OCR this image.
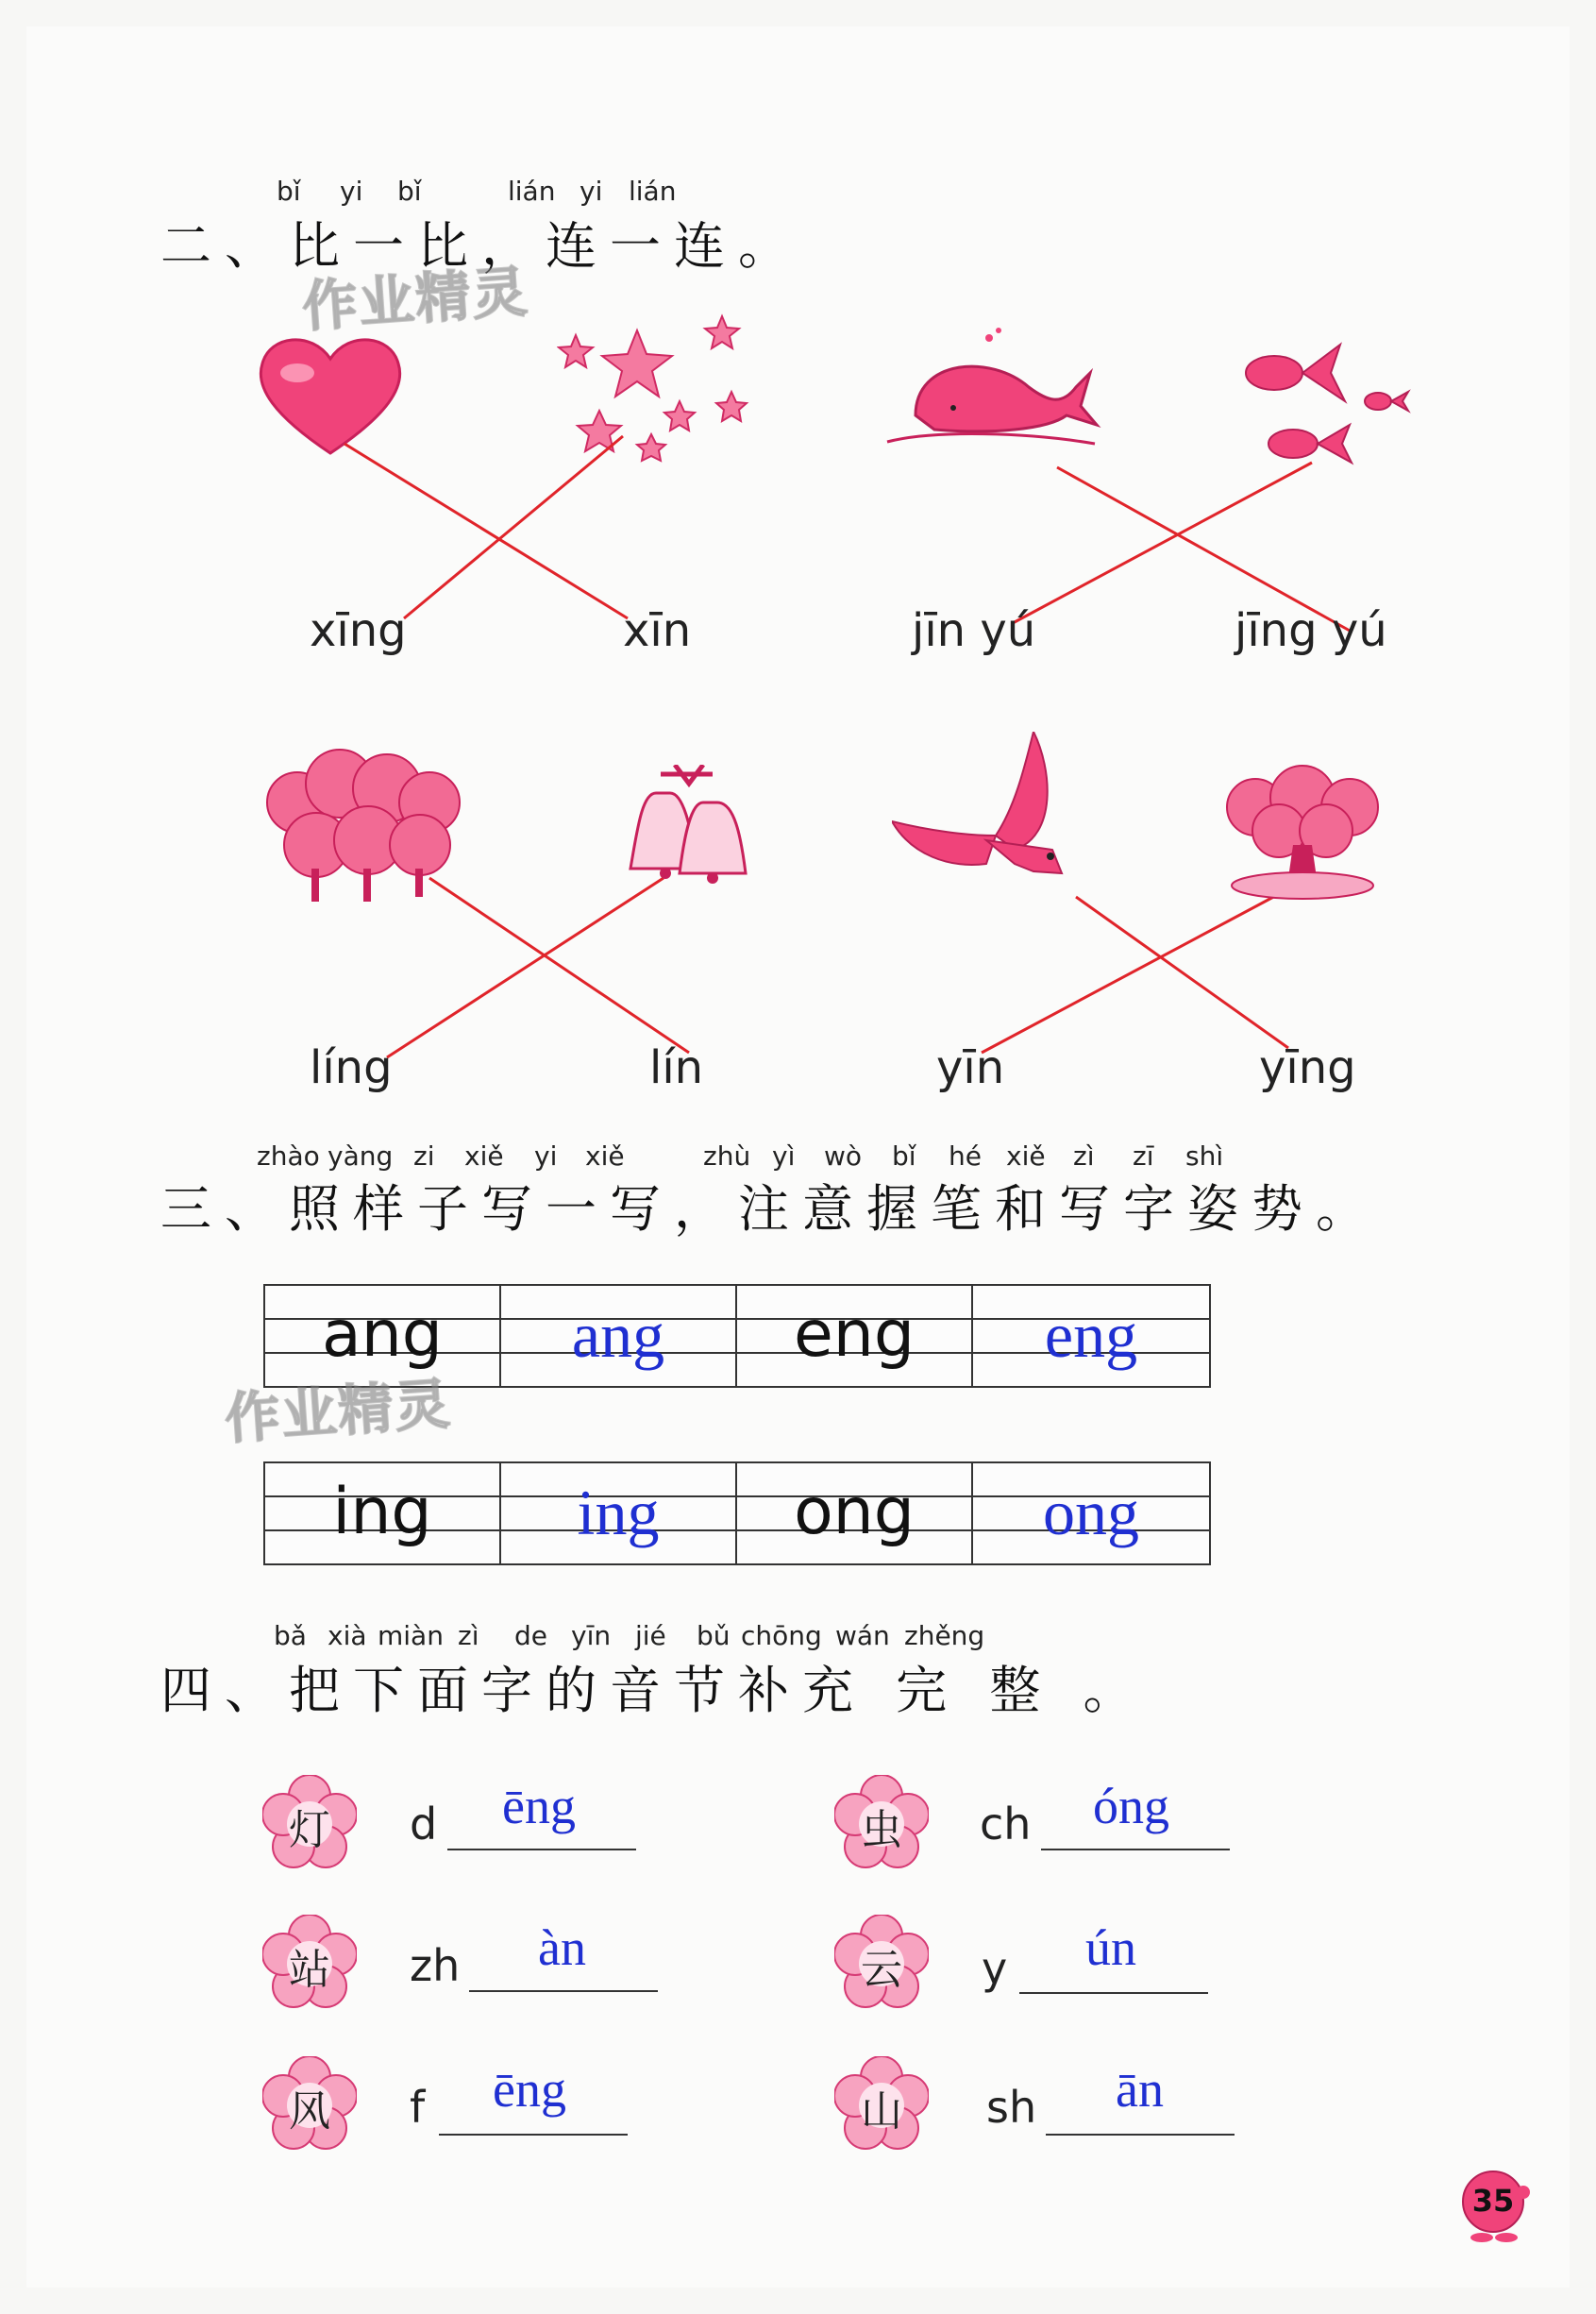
bǐ yi bǐ	lián yi lián
二、比一比，连一连。
作业精灵
xīng	xīn	jīn yú	jīng yú
líng	lín	yīn	yīng
zhào yàng zi xiě yi xiě	zhù yì wò bǐ hé xiě zì zī shì
三、照样子写一写，注意握笔和写字姿势。
ang	ang	eng	eng
作业精灵
ing	ing	ong	ong
bǎ xià miàn zì de yīn jié bǔ chōng wán zhěng
四、把下面字的音节补充 完 整 。
灯	d ēng	虫	ch óng
站	zh àn	云	y ún
风	f ēng	山	sh ān
35
